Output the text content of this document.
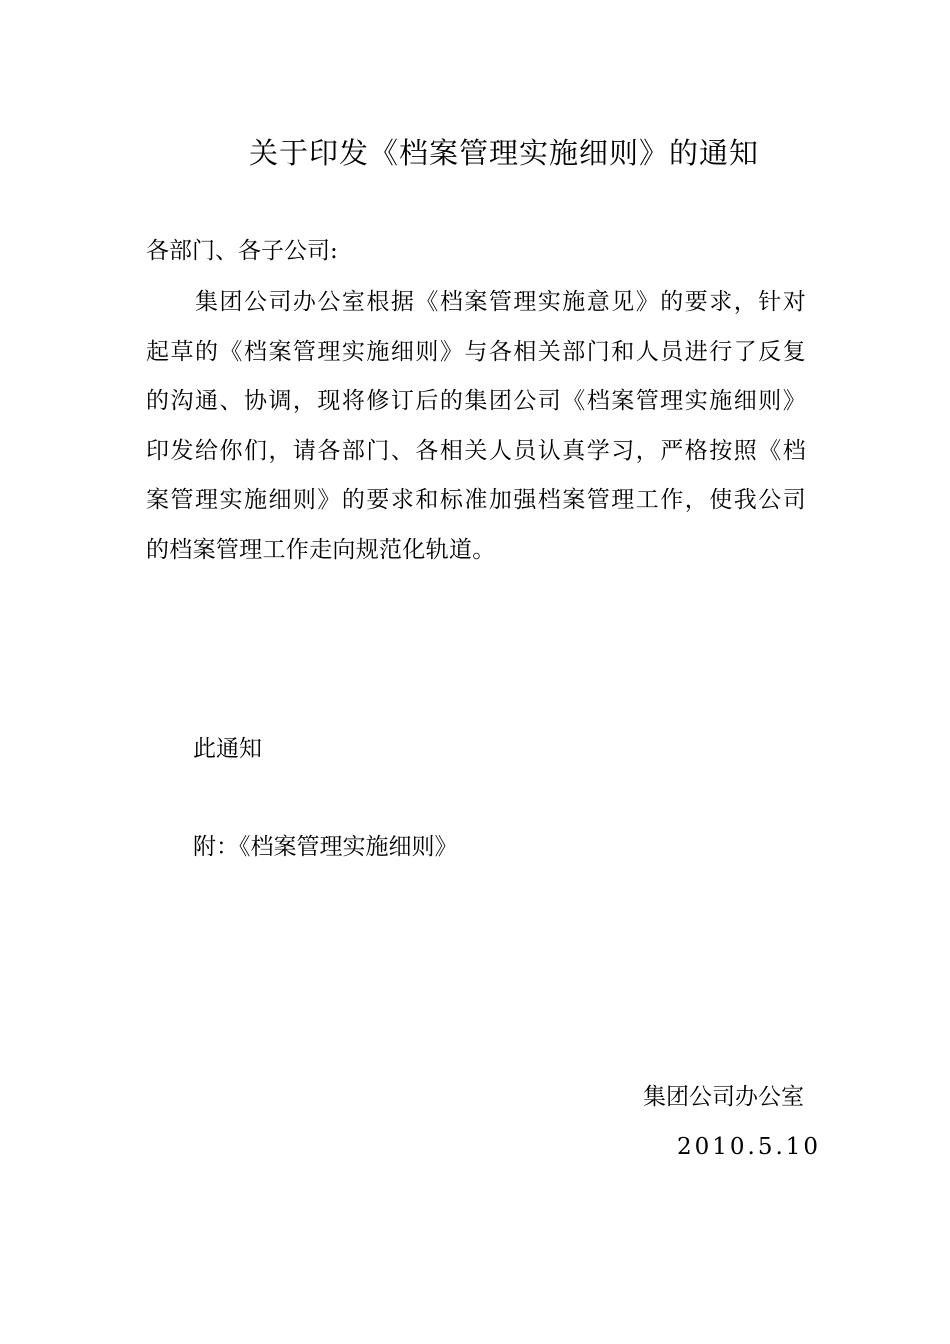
关于印发《档案管理实施细则》的通知
各部门、各子公司:
　　集团公司办公室根据《档案管理实施意见》的要求，针对
起草的《档案管理实施细则》与各相关部门和人员进行了反复
的沟通、协调，现将修订后的集团公司《档案管理实施细则》
印发给你们，请各部门、各相关人员认真学习，严格按照《档
案管理实施细则》的要求和标准加强档案管理工作，使我公司
的档案管理工作走向规范化轨道。
此通知
附：《档案管理实施细则》
集团公司办公室
2010.5.10
